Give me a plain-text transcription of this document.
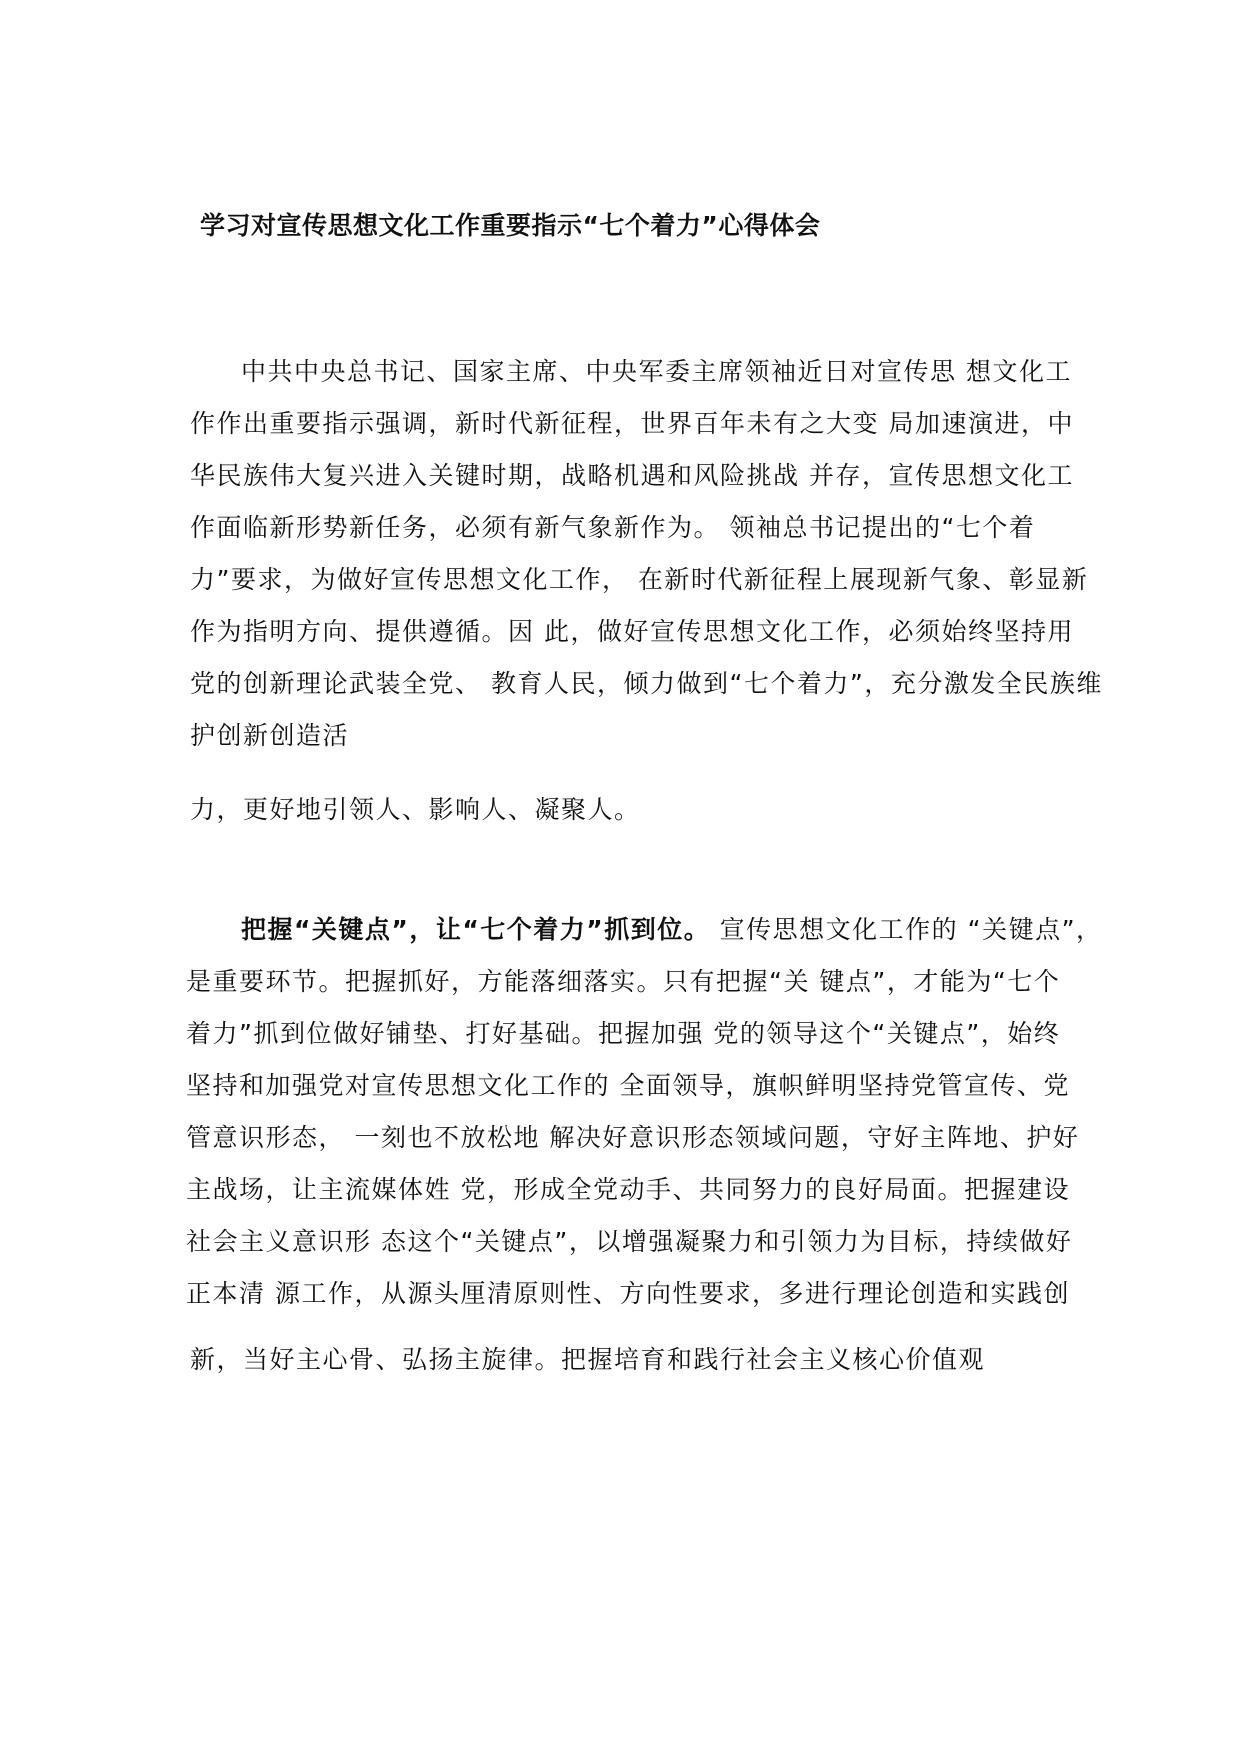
学习对宣传思想文化工作重要指示“七个着力”心得体会
中共中央总书记、国家主席、中央军委主席领袖近日对宣传思 想文化工
作作出重要指示强调，新时代新征程，世界百年未有之大变 局加速演进，中
华民族伟大复兴进入关键时期，战略机遇和风险挑战 并存，宣传思想文化工
作面临新形势新任务，必须有新气象新作为。 领袖总书记提出的“七个着
力”要求，为做好宣传思想文化工作， 在新时代新征程上展现新气象、彰显新
作为指明方向、提供遵循。因 此，做好宣传思想文化工作，必须始终坚持用
党的创新理论武装全党、 教育人民，倾力做到“七个着力”，充分激发全民族维
护创新创造活
力，更好地引领人、影响人、凝聚人。
把握“关键点”，让“七个着力”抓到位。 宣传思想文化工作的 “关键点”，
是重要环节。把握抓好，方能落细落实。只有把握“关 键点”，才能为“七个
着力”抓到位做好铺垫、打好基础。把握加强 党的领导这个“关键点”，始终
坚持和加强党对宣传思想文化工作的 全面领导，旗帜鲜明坚持党管宣传、党
管意识形态， 一刻也不放松地 解决好意识形态领域问题，守好主阵地、护好
主战场，让主流媒体姓 党，形成全党动手、共同努力的良好局面。把握建设
社会主义意识形 态这个“关键点”，以增强凝聚力和引领力为目标，持续做好
正本清 源工作，从源头厘清原则性、方向性要求，多进行理论创造和实践创
新，当好主心骨、弘扬主旋律。把握培育和践行社会主义核心价值观
